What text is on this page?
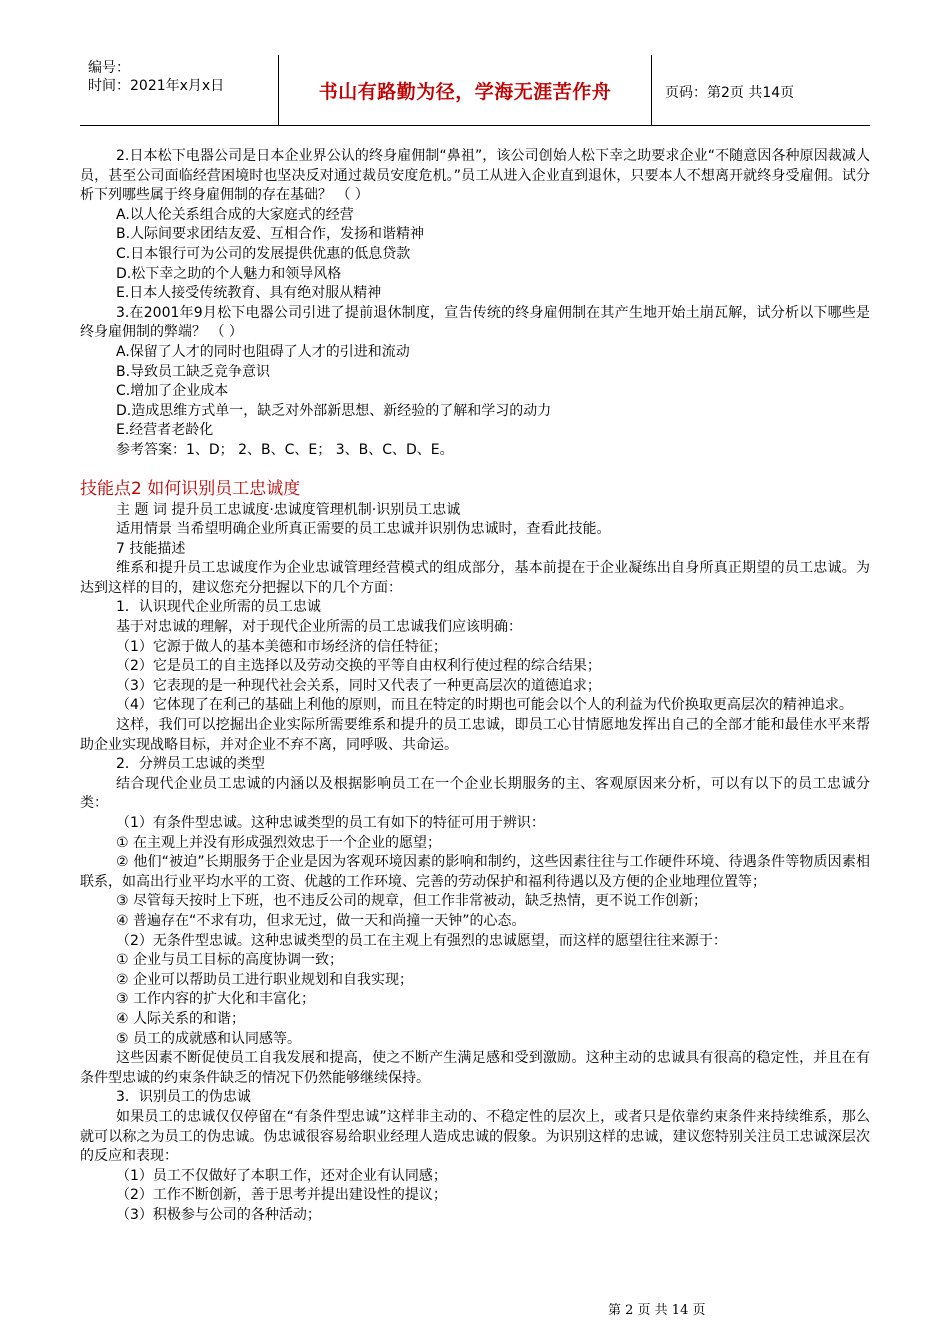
编号：
时间：2021年x月x日	书山有路勤为径，学海无涯苦作舟	页码：第2页 共14页

2.日本松下电器公司是日本企业界公认的终身雇佣制“鼻祖”，该公司创始人松下幸之助要求企业“不随意因各种原因裁减人员，甚至公司面临经营困境时也坚决反对通过裁员安度危机。”员工从进入企业直到退休，只要本人不想离开就终身受雇佣。试分析下列哪些属于终身雇佣制的存在基础？ （ ）

A.以人伦关系组合成的大家庭式的经营

B.人际间要求团结友爱、互相合作，发扬和谐精神

C.日本银行可为公司的发展提供优惠的低息贷款

D.松下幸之助的个人魅力和领导风格

E.日本人接受传统教育、具有绝对服从精神

3.在2001年9月松下电器公司引进了提前退休制度，宣告传统的终身雇佣制在其产生地开始土崩瓦解，试分析以下哪些是终身雇佣制的弊端？ （ ）

A.保留了人才的同时也阻碍了人才的引进和流动

B.导致员工缺乏竞争意识

C.增加了企业成本

D.造成思维方式单一，缺乏对外部新思想、新经验的了解和学习的动力

E.经营者老龄化

参考答案：1、D； 2、B、C、E； 3、B、C、D、E。

技能点2 如何识别员工忠诚度

主 题 词 提升员工忠诚度·忠诚度管理机制·识别员工忠诚

适用情景 当希望明确企业所真正需要的员工忠诚并识别伪忠诚时，查看此技能。

7 技能描述

维系和提升员工忠诚度作为企业忠诚管理经营模式的组成部分，基本前提在于企业凝练出自身所真正期望的员工忠诚。为达到这样的目的，建议您充分把握以下的几个方面：

1．认识现代企业所需的员工忠诚

基于对忠诚的理解，对于现代企业所需的员工忠诚我们应该明确：

（1）它源于做人的基本美德和市场经济的信任特征；

（2）它是员工的自主选择以及劳动交换的平等自由权利行使过程的综合结果；

（3）它表现的是一种现代社会关系，同时又代表了一种更高层次的道德追求；

（4）它体现了在利己的基础上利他的原则，而且在特定的时期也可能会以个人的利益为代价换取更高层次的精神追求。

这样，我们可以挖掘出企业实际所需要维系和提升的员工忠诚，即员工心甘情愿地发挥出自己的全部才能和最佳水平来帮助企业实现战略目标，并对企业不弃不离，同呼吸、共命运。

2．分辨员工忠诚的类型

结合现代企业员工忠诚的内涵以及根据影响员工在一个企业长期服务的主、客观原因来分析，可以有以下的员工忠诚分类：

（1）有条件型忠诚。这种忠诚类型的员工有如下的特征可用于辨识：

① 在主观上并没有形成强烈效忠于一个企业的愿望；

② 他们“被迫”长期服务于企业是因为客观环境因素的影响和制约，这些因素往往与工作硬件环境、待遇条件等物质因素相联系，如高出行业平均水平的工资、优越的工作环境、完善的劳动保护和福利待遇以及方便的企业地理位置等；

③ 尽管每天按时上下班，也不违反公司的规章，但工作非常被动，缺乏热情，更不说工作创新；

④ 普遍存在“不求有功，但求无过，做一天和尚撞一天钟”的心态。

（2）无条件型忠诚。这种忠诚类型的员工在主观上有强烈的忠诚愿望，而这样的愿望往往来源于：

① 企业与员工目标的高度协调一致；

② 企业可以帮助员工进行职业规划和自我实现；

③ 工作内容的扩大化和丰富化；

④ 人际关系的和谐；

⑤ 员工的成就感和认同感等。

这些因素不断促使员工自我发展和提高，使之不断产生满足感和受到激励。这种主动的忠诚具有很高的稳定性，并且在有条件型忠诚的约束条件缺乏的情况下仍然能够继续保持。

3．识别员工的伪忠诚

如果员工的忠诚仅仅停留在“有条件型忠诚”这样非主动的、不稳定性的层次上，或者只是依靠约束条件来持续维系，那么就可以称之为员工的伪忠诚。伪忠诚很容易给职业经理人造成忠诚的假象。为识别这样的忠诚，建议您特别关注员工忠诚深层次的反应和表现：

（1）员工不仅做好了本职工作，还对企业有认同感；

（2）工作不断创新，善于思考并提出建设性的提议；

（3）积极参与公司的各种活动；

第 2 页 共 14 页
